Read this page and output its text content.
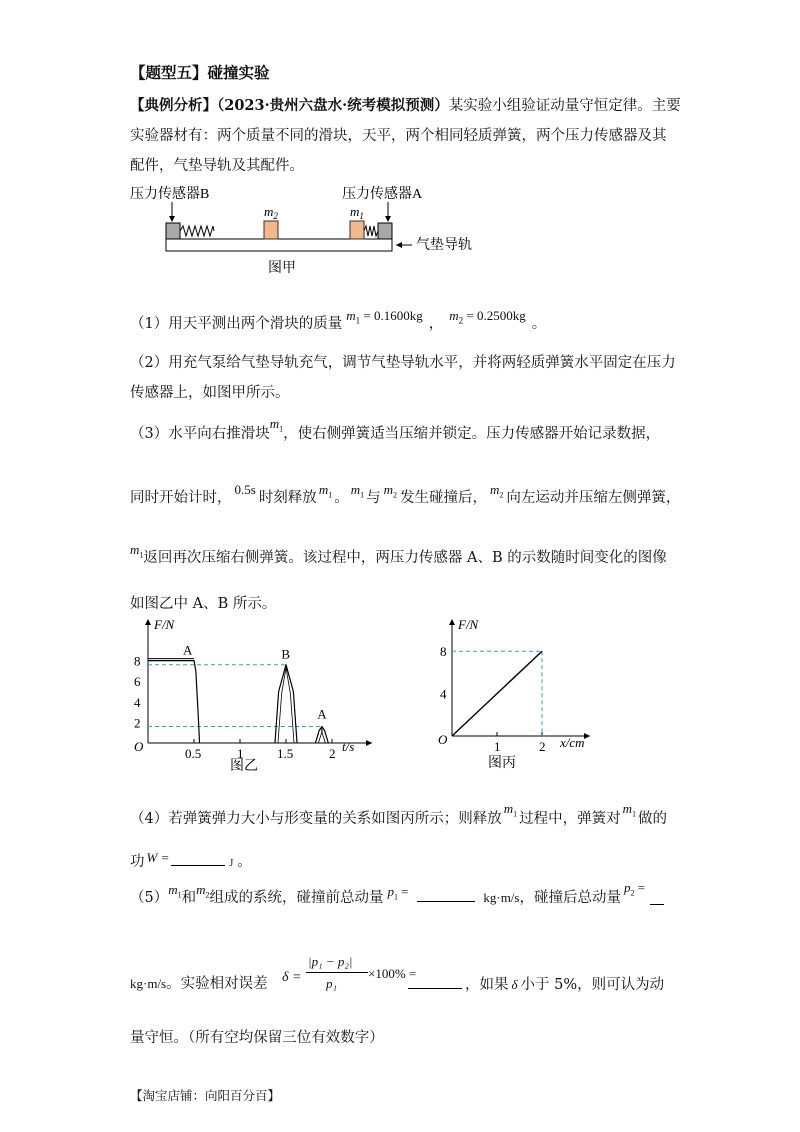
【题型五】碰撞实验
【典例分析】（2023·贵州六盘水·统考模拟预测）某实验小组验证动量守恒定律。主要
实验器材有：两个质量不同的滑块，天平，两个相同轻质弹簧，两个压力传感器及其
配件，气垫导轨及其配件。
压力传感器B	压力传感器A
$m_2$	$m_1$
气垫导轨
图甲
（1）用天平测出两个滑块的质量$m_1 = 0.1600kg$，$m_2 = 0.2500kg$。
（2）用充气泵给气垫导轨充气，调节气垫导轨水平，并将两轻质弹簧水平固定在压力
传感器上，如图甲所示。
（3）水平向右推滑块$m_1$，使右侧弹簧适当压缩并锁定。压力传感器开始记录数据，
同时开始计时，0.5s时刻释放$m_1$ 。$m_1$ 与$m_2$ 发生碰撞后，$m_2$ 向左运动并压缩左侧弹簧，
$m_1$返回再次压缩右侧弹簧。该过程中，两压力传感器 A、B 的示数随时间变化的图像
如图乙中 A、B 所示。
F/N
t/s
O
2
4
6
8
0.5	1	1.5	2
A	B
A
图乙
F/N
x/cm
O
4
8
1	2
图丙
（4）若弹簧弹力大小与形变量的关系如图丙所示；则释放$m_1$ 过程中，弹簧对$m_1$ 做的
功 W =	J 。
$(5)m_1$和$m_2$组成的系统，碰撞前总动量 $p_1$ =	kg·m/s，碰撞后总动量$p_2$ =
kg·m/s。实验相对误差 δ =
|p₁ − p₂|
p₁
×100% =
，如果 δ 小于 5%，则可认为动
量守恒。（所有空均保留三位有效数字）
【淘宝店铺：向阳百分百】
